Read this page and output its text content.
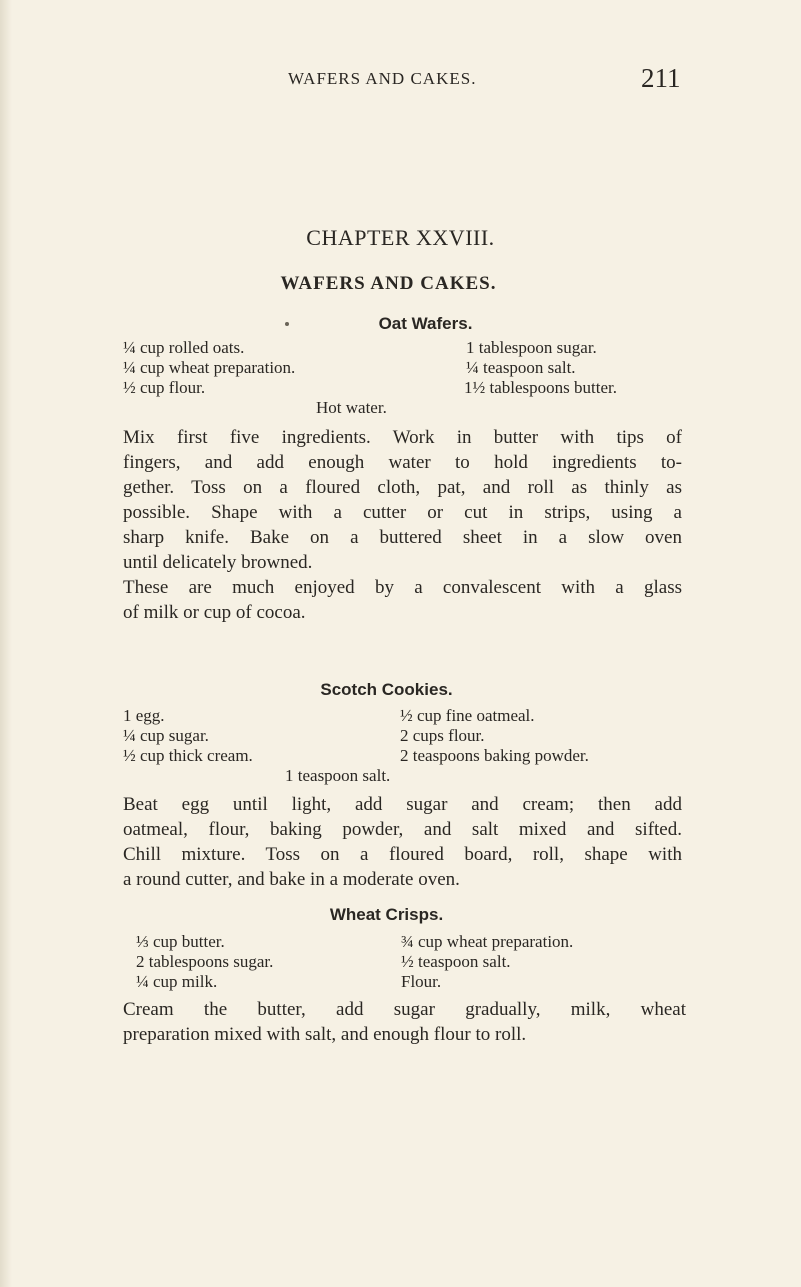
WAFERS AND CAKES.	211
CHAPTER XXVIII.
WAFERS AND CAKES.
Oat Wafers.
¼ cup rolled oats.
¼ cup wheat preparation.
½ cup flour.
1 tablespoon sugar.
¼ teaspoon salt.
1½ tablespoons butter.
Hot water.
Mix first five ingredients. Work in butter with tips of
fingers, and add enough water to hold ingredients to-
gether. Toss on a floured cloth, pat, and roll as thinly as
possible. Shape with a cutter or cut in strips, using a
sharp knife. Bake on a buttered sheet in a slow oven
until delicately browned.
These are much enjoyed by a convalescent with a glass
of milk or cup of cocoa.
Scotch Cookies.
1 egg.
¼ cup sugar.
½ cup thick cream.
½ cup fine oatmeal.
2 cups flour.
2 teaspoons baking powder.
1 teaspoon salt.
Beat egg until light, add sugar and cream; then add
oatmeal, flour, baking powder, and salt mixed and sifted.
Chill mixture. Toss on a floured board, roll, shape with
a round cutter, and bake in a moderate oven.
Wheat Crisps.
⅓ cup butter.
2 tablespoons sugar.
¼ cup milk.
¾ cup wheat preparation.
½ teaspoon salt.
Flour.
Cream the butter, add sugar gradually, milk, wheat
preparation mixed with salt, and enough flour to roll.
